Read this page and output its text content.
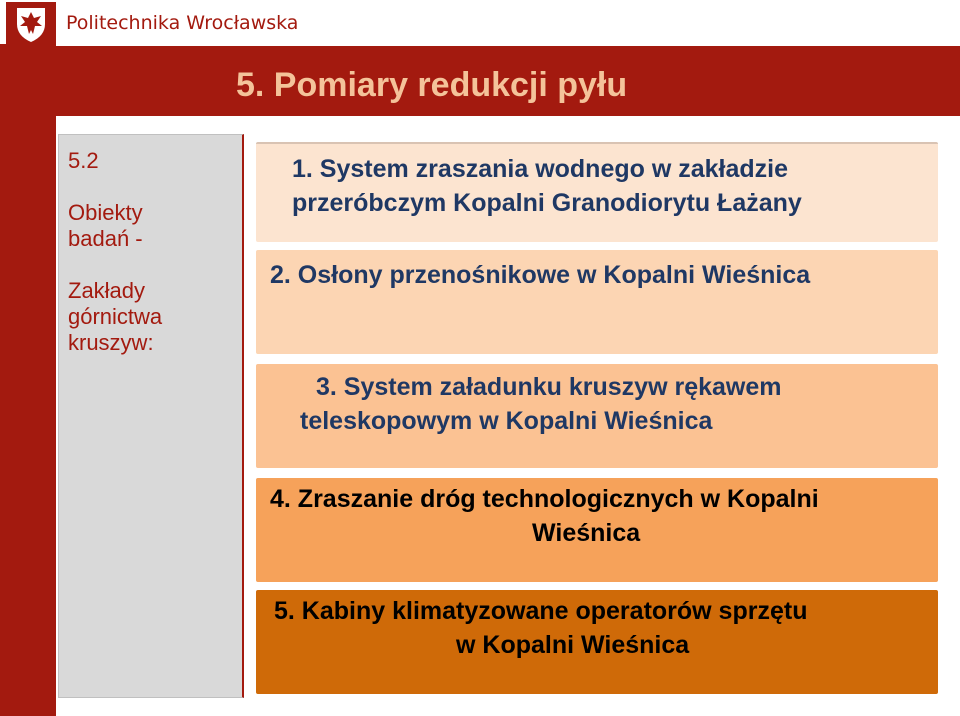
Politechnika Wrocławska
5. Pomiary redukcji pyłu
5.2
Obiekty
badań -
Zakłady
górnictwa
kruszyw:
1. System zraszania wodnego w zakładzie
przeróbczym Kopalni Granodiorytu Łażany
2. Osłony przenośnikowe w Kopalni Wieśnica
3. System załadunku kruszyw rękawem
teleskopowym w Kopalni Wieśnica
4. Zraszanie dróg technologicznych w Kopalni
Wieśnica
5. Kabiny klimatyzowane operatorów sprzętu
w Kopalni Wieśnica
